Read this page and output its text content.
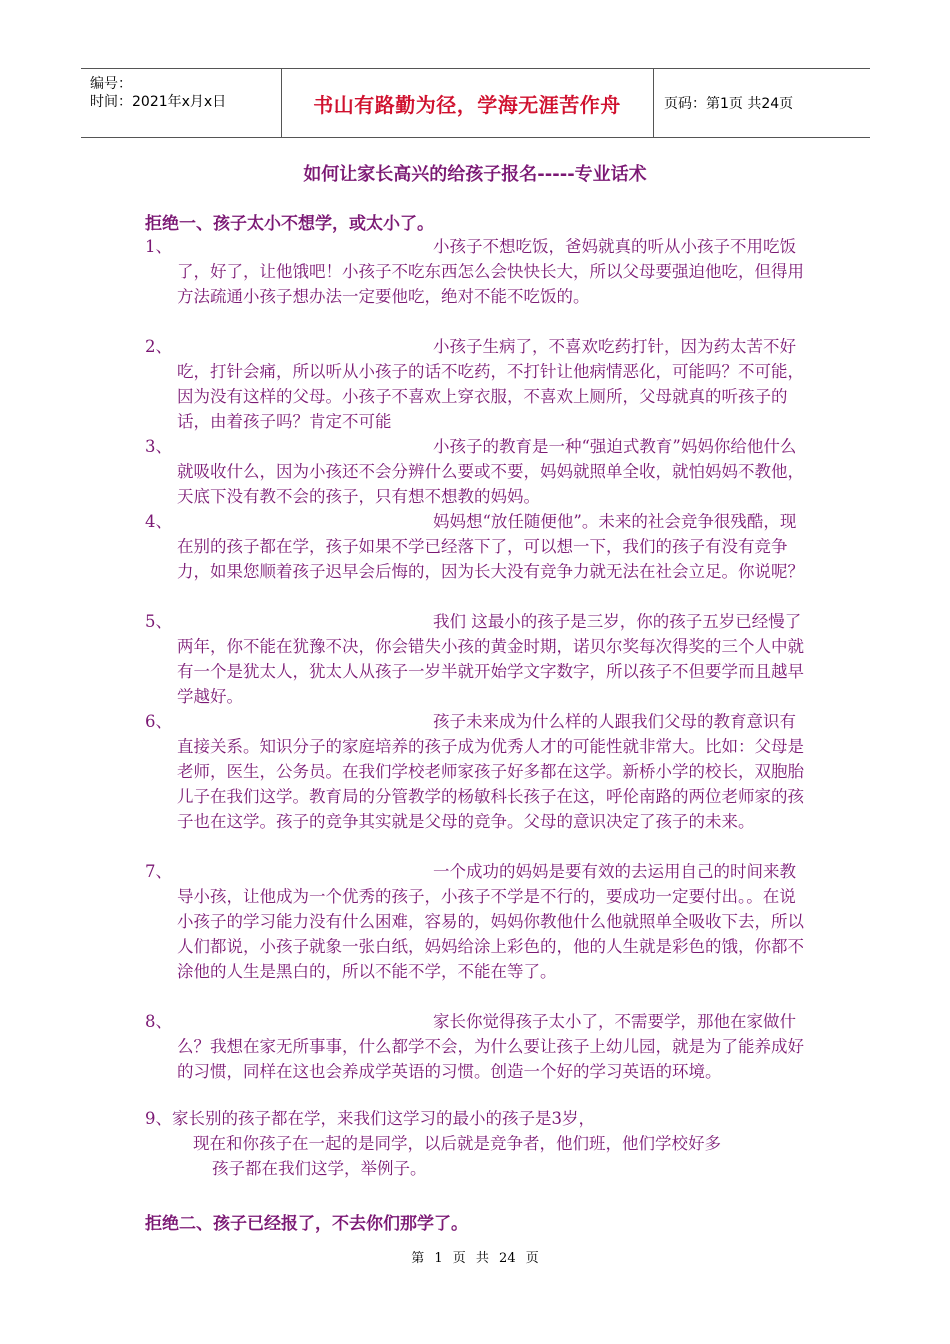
编号：
时间：2021年x月x日	书山有路勤为径，学海无涯苦作舟	页码：第1页 共24页
如何让家长高兴的给孩子报名-----专业话术
拒绝一、孩子太小不想学，或太小了。
1、	小孩子不想吃饭，爸妈就真的听从小孩子不用吃饭了，好了，让他饿吧！小孩子不吃东西怎么会快快长大，所以父母要强迫他吃，但得用方法疏通小孩子想办法一定要他吃，绝对不能不吃饭的。
2、	小孩子生病了，不喜欢吃药打针，因为药太苦不好吃，打针会痛，所以听从小孩子的话不吃药，不打针让他病情恶化，可能吗？不可能，因为没有这样的父母。小孩子不喜欢上穿衣服，不喜欢上厕所，父母就真的听孩子的话，由着孩子吗？肯定不可能
3、	小孩子的教育是一种“强迫式教育”妈妈你给他什么就吸收什么，因为小孩还不会分辨什么要或不要，妈妈就照单全收，就怕妈妈不教他，天底下没有教不会的孩子，只有想不想教的妈妈。
4、	妈妈想“放任随便他”。未来的社会竞争很残酷，现在别的孩子都在学，孩子如果不学已经落下了，可以想一下，我们的孩子有没有竞争力，如果您顺着孩子迟早会后悔的，因为长大没有竞争力就无法在社会立足。你说呢？
5、	我们 这最小的孩子是三岁，你的孩子五岁已经慢了两年，你不能在犹豫不决，你会错失小孩的黄金时期，诺贝尔奖每次得奖的三个人中就有一个是犹太人，犹太人从孩子一岁半就开始学文字数字，所以孩子不但要学而且越早学越好。
6、	孩子未来成为什么样的人跟我们父母的教育意识有直接关系。知识分子的家庭培养的孩子成为优秀人才的可能性就非常大。比如：父母是老师，医生，公务员。在我们学校老师家孩子好多都在这学。新桥小学的校长，双胞胎儿子在我们这学。教育局的分管教学的杨敏科长孩子在这，呼伦南路的两位老师家的孩子也在这学。孩子的竞争其实就是父母的竞争。父母的意识决定了孩子的未来。
7、	一个成功的妈妈是要有效的去运用自己的时间来教导小孩，让他成为一个优秀的孩子，小孩子不学是不行的，要成功一定要付出。。在说小孩子的学习能力没有什么困难，容易的，妈妈你教他什么他就照单全吸收下去，所以人们都说，小孩子就象一张白纸，妈妈给涂上彩色的，他的人生就是彩色的饿，你都不涂他的人生是黑白的，所以不能不学，不能在等了。
8、	家长你觉得孩子太小了，不需要学，那他在家做什么？我想在家无所事事，什么都学不会，为什么要让孩子上幼儿园，就是为了能养成好的习惯，同样在这也会养成学英语的习惯。创造一个好的学习英语的环境。
9、家长别的孩子都在学，来我们这学习的最小的孩子是3岁，
现在和你孩子在一起的是同学，以后就是竞争者，他们班，他们学校好多
孩子都在我们这学，举例子。
拒绝二、孩子已经报了，不去你们那学了。
第 1 页 共 24 页
